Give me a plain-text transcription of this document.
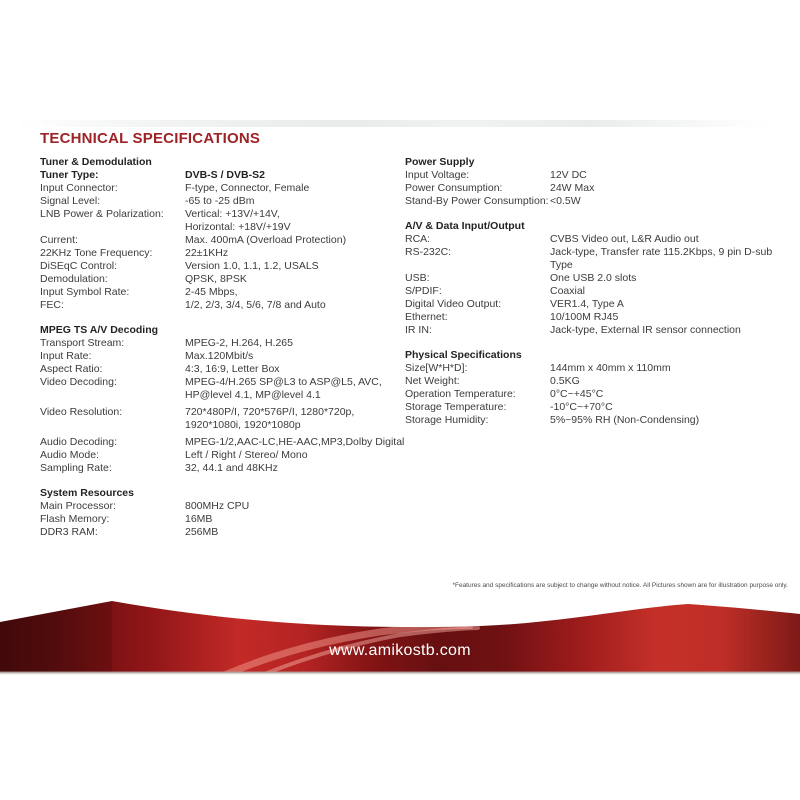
TECHNICAL SPECIFICATIONS
Tuner & Demodulation
Tuner Type:	DVB-S / DVB-S2
Input Connector:	F-type, Connector, Female
Signal Level:	-65 to -25 dBm
LNB Power & Polarization:	Vertical: +13V/+14V,
Horizontal: +18V/+19V
Current:	Max. 400mA (Overload Protection)
22KHz Tone Frequency:	22±1KHz
DiSEqC Control:	Version 1.0, 1.1, 1.2, USALS
Demodulation:	QPSK, 8PSK
Input Symbol Rate:	2-45 Mbps,
FEC:	1/2, 2/3, 3/4, 5/6, 7/8 and Auto
MPEG TS A/V Decoding
Transport Stream:	MPEG-2, H.264, H.265
Input Rate:	Max.120Mbit/s
Aspect Ratio:	4:3, 16:9, Letter Box
Video Decoding:	MPEG-4/H.265 SP@L3 to ASP@L5, AVC,
HP@level 4.1, MP@level 4.1
Video Resolution:	720*480P/I, 720*576P/I, 1280*720p,
1920*1080i, 1920*1080p
Audio Decoding:	MPEG-1/2,AAC-LC,HE-AAC,MP3,Dolby Digital
Audio Mode:	Left / Right / Stereo/ Mono
Sampling Rate:	32, 44.1 and 48KHz
System Resources
Main Processor:	800MHz CPU
Flash Memory:	16MB
DDR3 RAM:	256MB
Power Supply
Input Voltage:	12V DC
Power Consumption:	24W Max
Stand-By Power Consumption: <0.5W
A/V & Data Input/Output
RCA:	CVBS Video out, L&R Audio out
RS-232C:	Jack-type, Transfer rate 115.2Kbps, 9 pin D-sub
Type
USB:	One USB 2.0 slots
S/PDIF:	Coaxial
Digital Video Output:	VER1.4, Type A
Ethernet:	10/100M RJ45
IR IN:	Jack-type, External IR sensor connection
Physical Specifications
Size[W*H*D]:	144mm x 40mm x 110mm
Net Weight:	0.5KG
Operation Temperature:	0°C~+45°C
Storage Temperature:	-10°C~+70°C
Storage Humidity:	5%~95% RH (Non-Condensing)
*Features and specifications are subject to change without notice. All Pictures shown are for illustration purpose only.
www.amikostb.com
